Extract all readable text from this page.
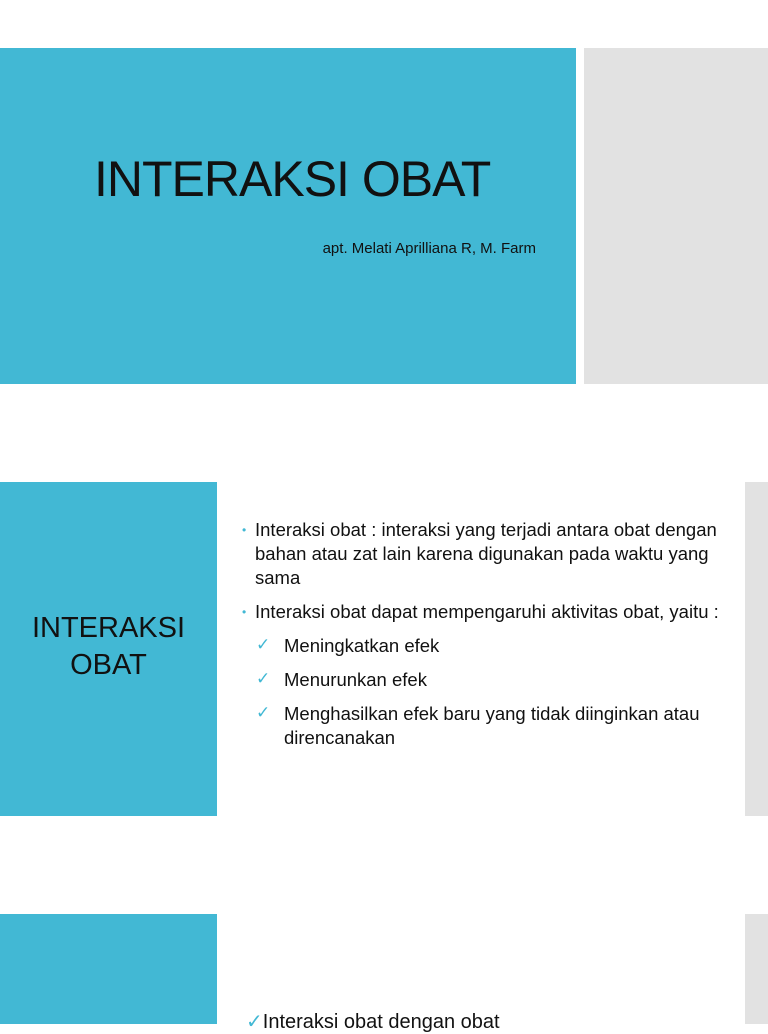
INTERAKSI OBAT
apt. Melati Aprilliana R, M. Farm
INTERAKSI
OBAT
• Interaksi obat : interaksi yang terjadi antara obat dengan bahan atau zat lain karena digunakan pada waktu yang sama
• Interaksi obat dapat mempengaruhi aktivitas obat, yaitu :
✓ Meningkatkan efek
✓ Menurunkan efek
✓ Menghasilkan efek baru yang tidak diinginkan atau direncanakan
✓Interaksi obat dengan obat
